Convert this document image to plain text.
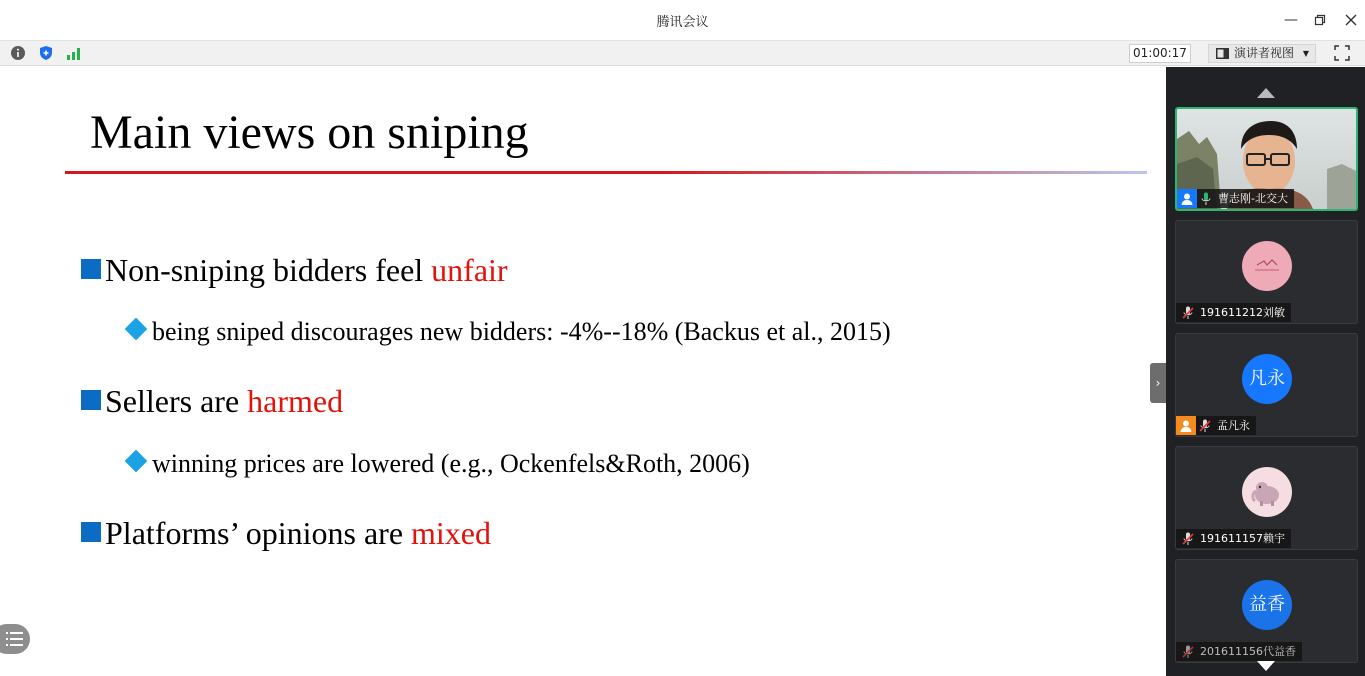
腾讯会议	—
01:00:17	演讲者视图 ▼
Main views on sniping
Non-sniping bidders feel unfair
being sniped discourages new bidders: -4%--18% (Backus et al., 2015)
Sellers are harmed
winning prices are lowered (e.g., Ockenfels&Roth, 2006)
Platforms’ opinions are mixed
›
曹志刚-北交大
191611212刘敏
凡永
孟凡永
191611157赖宇
益香
201611156代益香
